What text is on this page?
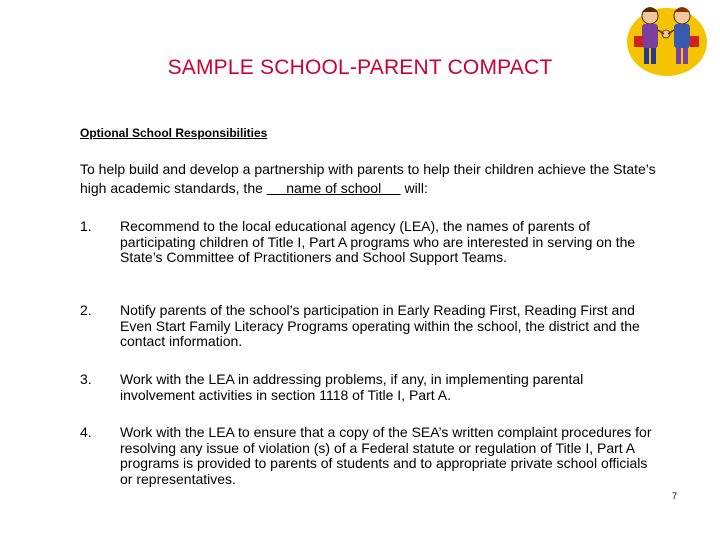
SAMPLE SCHOOL-PARENT COMPACT
Optional School Responsibilities
To help build and develop a partnership with parents to help their children achieve the State’s high academic standards, the      name of school      will:
1. Recommend to the local educational agency (LEA), the names of parents of participating children of Title I, Part A programs who are interested in serving on the State’s Committee of Practitioners and School Support Teams.
2. Notify parents of the school’s participation in Early Reading First, Reading First and Even Start Family Literacy Programs operating within the school, the district and the contact information.
3. Work with the LEA in addressing problems, if any, in implementing parental involvement activities in section 1118 of Title I, Part A.
4. Work with the LEA to ensure that a copy of the SEA’s written complaint procedures for resolving any issue of violation (s) of a Federal statute or regulation of Title I, Part A programs is provided to parents of students and to appropriate private school officials or representatives.
7
